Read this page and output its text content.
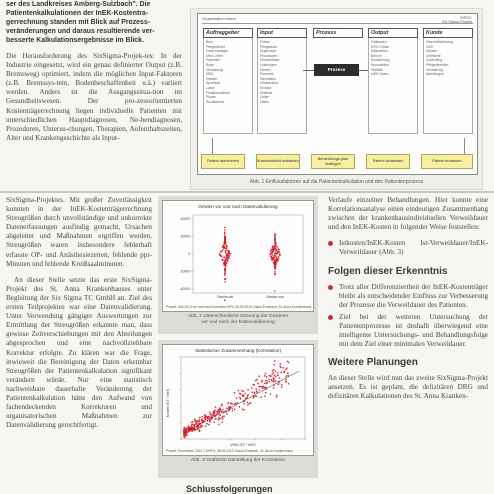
ser des Landkreises Amberg-Sulzbach". Die

Patientenkalkulationen der InEK-Kostentra-

gerrechnung standen mit Blick auf Prozess-

veränderungen und daraus resultierende ver-

besserte Kalkulationsergebnisse im Blick.

Die Herausforderung des SixSigma-Projek-tes: In der Industrie eingesetzt, wird ein genau definierter Output (z.B. Bremsweg) optimiert, indem die möglichen Input-Faktoren (z.B. Bremssys-tem, Bodenbeschaffenheit u.ä.) variiert werden. Anders ist die Ausgangssitua-tion im Gesundheitswesen. Der pro-zessorientierten Kostenträgerrechnung liegen individuelle Patienten mit unterschiedlichen Hauptdiagnosen, Ne-bendiagnosen, Prozeduren, Untersu-chungen, Therapien, Aufenthaltszeiten, Alter und Krankengeschichte als Input-

Organisation Intern	SIPOC
Auftraggeber
Büro
Pflegedienst
Case Manager
Med. Leiter
Patienten
Ärzte
Verwaltung
MDK
Kassen
Apotheke
Labor
Funktionsdienst
Physio
Sozialdienst
Input
Preise
Pflegeaufw.
Diagnosen
Prozeduren
Verweildauer
Leistungen
Kosten
Personal
Sachmittel
Infrastruktur
Einkauf
Material
Zeiten
Daten
Prozess	Output
Fallkosten
DRG Erlöse
Kalkulation
Bericht
Abweichung
Kennzahlen
Statistik
InEK-Daten
Kunde
Geschäftsführung
InEK
Kassen
Chefärzte
Controlling
Pflegedirektion
Verwaltung
Abteilungen
Prozess
Patient aufnehmen	Krankheitsbild feststellen
Behandlungs-plan festlegen
Patient behandeln	Patient entlassen
Abb. 1 Einflussfaktoren auf die Patientenkalkulation und den Patientenprozess

SixSigma-Projektes. Mit großer Zuverlässigkeit konnten in der InEK-Kostenträgerrechnung Streugrößen durch unvollständige und unkorrekte Datenerfassungen ausfindig gemacht, Ursachen abgeleitet und Maßnahmen ergriffen werden. Streugrößen waren insbesondere fehlerhaft erfasste OP- und Anästhesiezeiten, fehlende ppr-Minuten und fehlende Kreißsaalminuten.

An dieser Stelle setzte das erste SixSigma-Projekt des St. Anna Krankenhauses unter Begleitung der Six Sigma TC GmbH an. Ziel des ersten Teilprojektes war eine Datenvalidierung. Unter Verwendung gängiger Auswertungen zur Ermittlung der Streugrößen erkannte man, dass gewisse Zeitverschiebungen mit den Abteilungen abgesprochen und eine nachvollziehbare Korrektur erfolgte. Zu klären war die Frage, inwieweit die Bereinigung der Daten erkennbar Streugrößen der Patientenkalkulation signifikant verändern würde. Nur eine statistisch nachweisbare dauerhafte Veränderung der Patientenkalkulation hätte den Aufwand von fachendeckenden Korrekturen und organisatorischen Maßnahmen zur Datenvalidierung gerechtfertigt.

Gewinn vor und nach Datenvalidierung
40000
20000
0
-20000
-40000
Gewinn alt	Gewinn neu
Projekt: Mai 2010 vor und nach Korrektur.MPJ; 06.09.2010; Klaus Ernsbach; St. Anna Krankenhaus
Abb. 2 Unterschiedliche Streuung der Gewinne
vor und nach der Datenvalidierung
Statistischer Zusammenhang (Korrelation)
Kosten IST / InEK
VWD IST / InEK
Projekt: Korrelation 2010 1 KHPD; 06.09.2010; Klaus Ernsbach; St. Anna Krankenhaus
Abb. 3 Grafische Darstellung der Korrelation

Verlaufe einzelner Behandlungen. Hier konnte eine Korrelationsanalyse einen eindeutigen Zusammenhang zwischen der krankenhausindividuellen Verweildauer und den InEK-Kosten in folgender Weise feststellen:

Istkosten/InEK-Kosten Ist-Verweildauer/InEK-Verweildauer (Abb. 3)
Folgen dieser Erkenntnis
Trotz aller Differenziertheit der InEK-Kostenträger bleibt als entscheidender Einfluss zur Verbesserung der Prozesse die Verweildauer des Patienten.
Ziel bei der weiteren Untersuchung der Patientenprozesse ist deshalb überwiegend eine intelligente Untersuchungs- und Behandlungsfolge mit dem Ziel einer minimalen Verweildauer.
Weitere Planungen

An dieser Stelle wird nun das zweite SixSigma-Projekt ansetzen. Es ist geplant, die defizitären DRG und defizitären Kalkulationen des St. Anna Kranken-

Schlussfolgerungen
